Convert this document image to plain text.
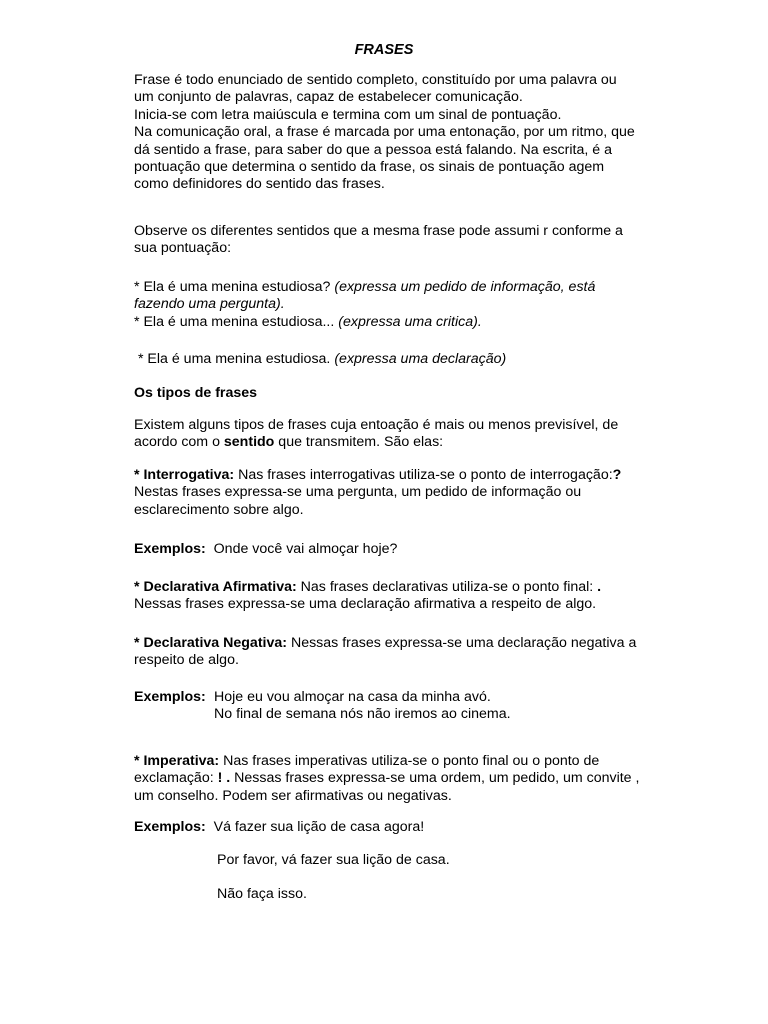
FRASES
Frase é todo enunciado de sentido completo, constituído por uma palavra ou
um conjunto de palavras, capaz de estabelecer comunicação.
Inicia-se com letra maiúscula e termina com um sinal de pontuação.
Na comunicação oral, a frase é marcada por uma entonação, por um ritmo, que
dá sentido a frase, para saber do que a pessoa está falando. Na escrita, é a
pontuação que determina o sentido da frase, os sinais de pontuação agem
como definidores do sentido das frases.
Observe os diferentes sentidos que a mesma frase pode assumi r conforme a
sua pontuação:
* Ela é uma menina estudiosa? (expressa um pedido de informação, está
fazendo uma pergunta).
* Ela é uma menina estudiosa... (expressa uma critica).
* Ela é uma menina estudiosa. (expressa uma declaração)
Os tipos de frases
Existem alguns tipos de frases cuja entoação é mais ou menos previsível, de
acordo com o sentido que transmitem. São elas:
* Interrogativa: Nas frases interrogativas utiliza-se o ponto de interrogação:?
Nestas frases expressa-se uma pergunta, um pedido de informação ou
esclarecimento sobre algo.
Exemplos: Onde você vai almoçar hoje?
* Declarativa Afirmativa: Nas frases declarativas utiliza-se o ponto final: .
Nessas frases expressa-se uma declaração afirmativa a respeito de algo.
* Declarativa Negativa: Nessas frases expressa-se uma declaração negativa a
respeito de algo.
Exemplos: Hoje eu vou almoçar na casa da minha avó.
No final de semana nós não iremos ao cinema.
* Imperativa: Nas frases imperativas utiliza-se o ponto final ou o ponto de
exclamação: ! . Nessas frases expressa-se uma ordem, um pedido, um convite ,
um conselho. Podem ser afirmativas ou negativas.
Exemplos: Vá fazer sua lição de casa agora!
Por favor, vá fazer sua lição de casa.
Não faça isso.
